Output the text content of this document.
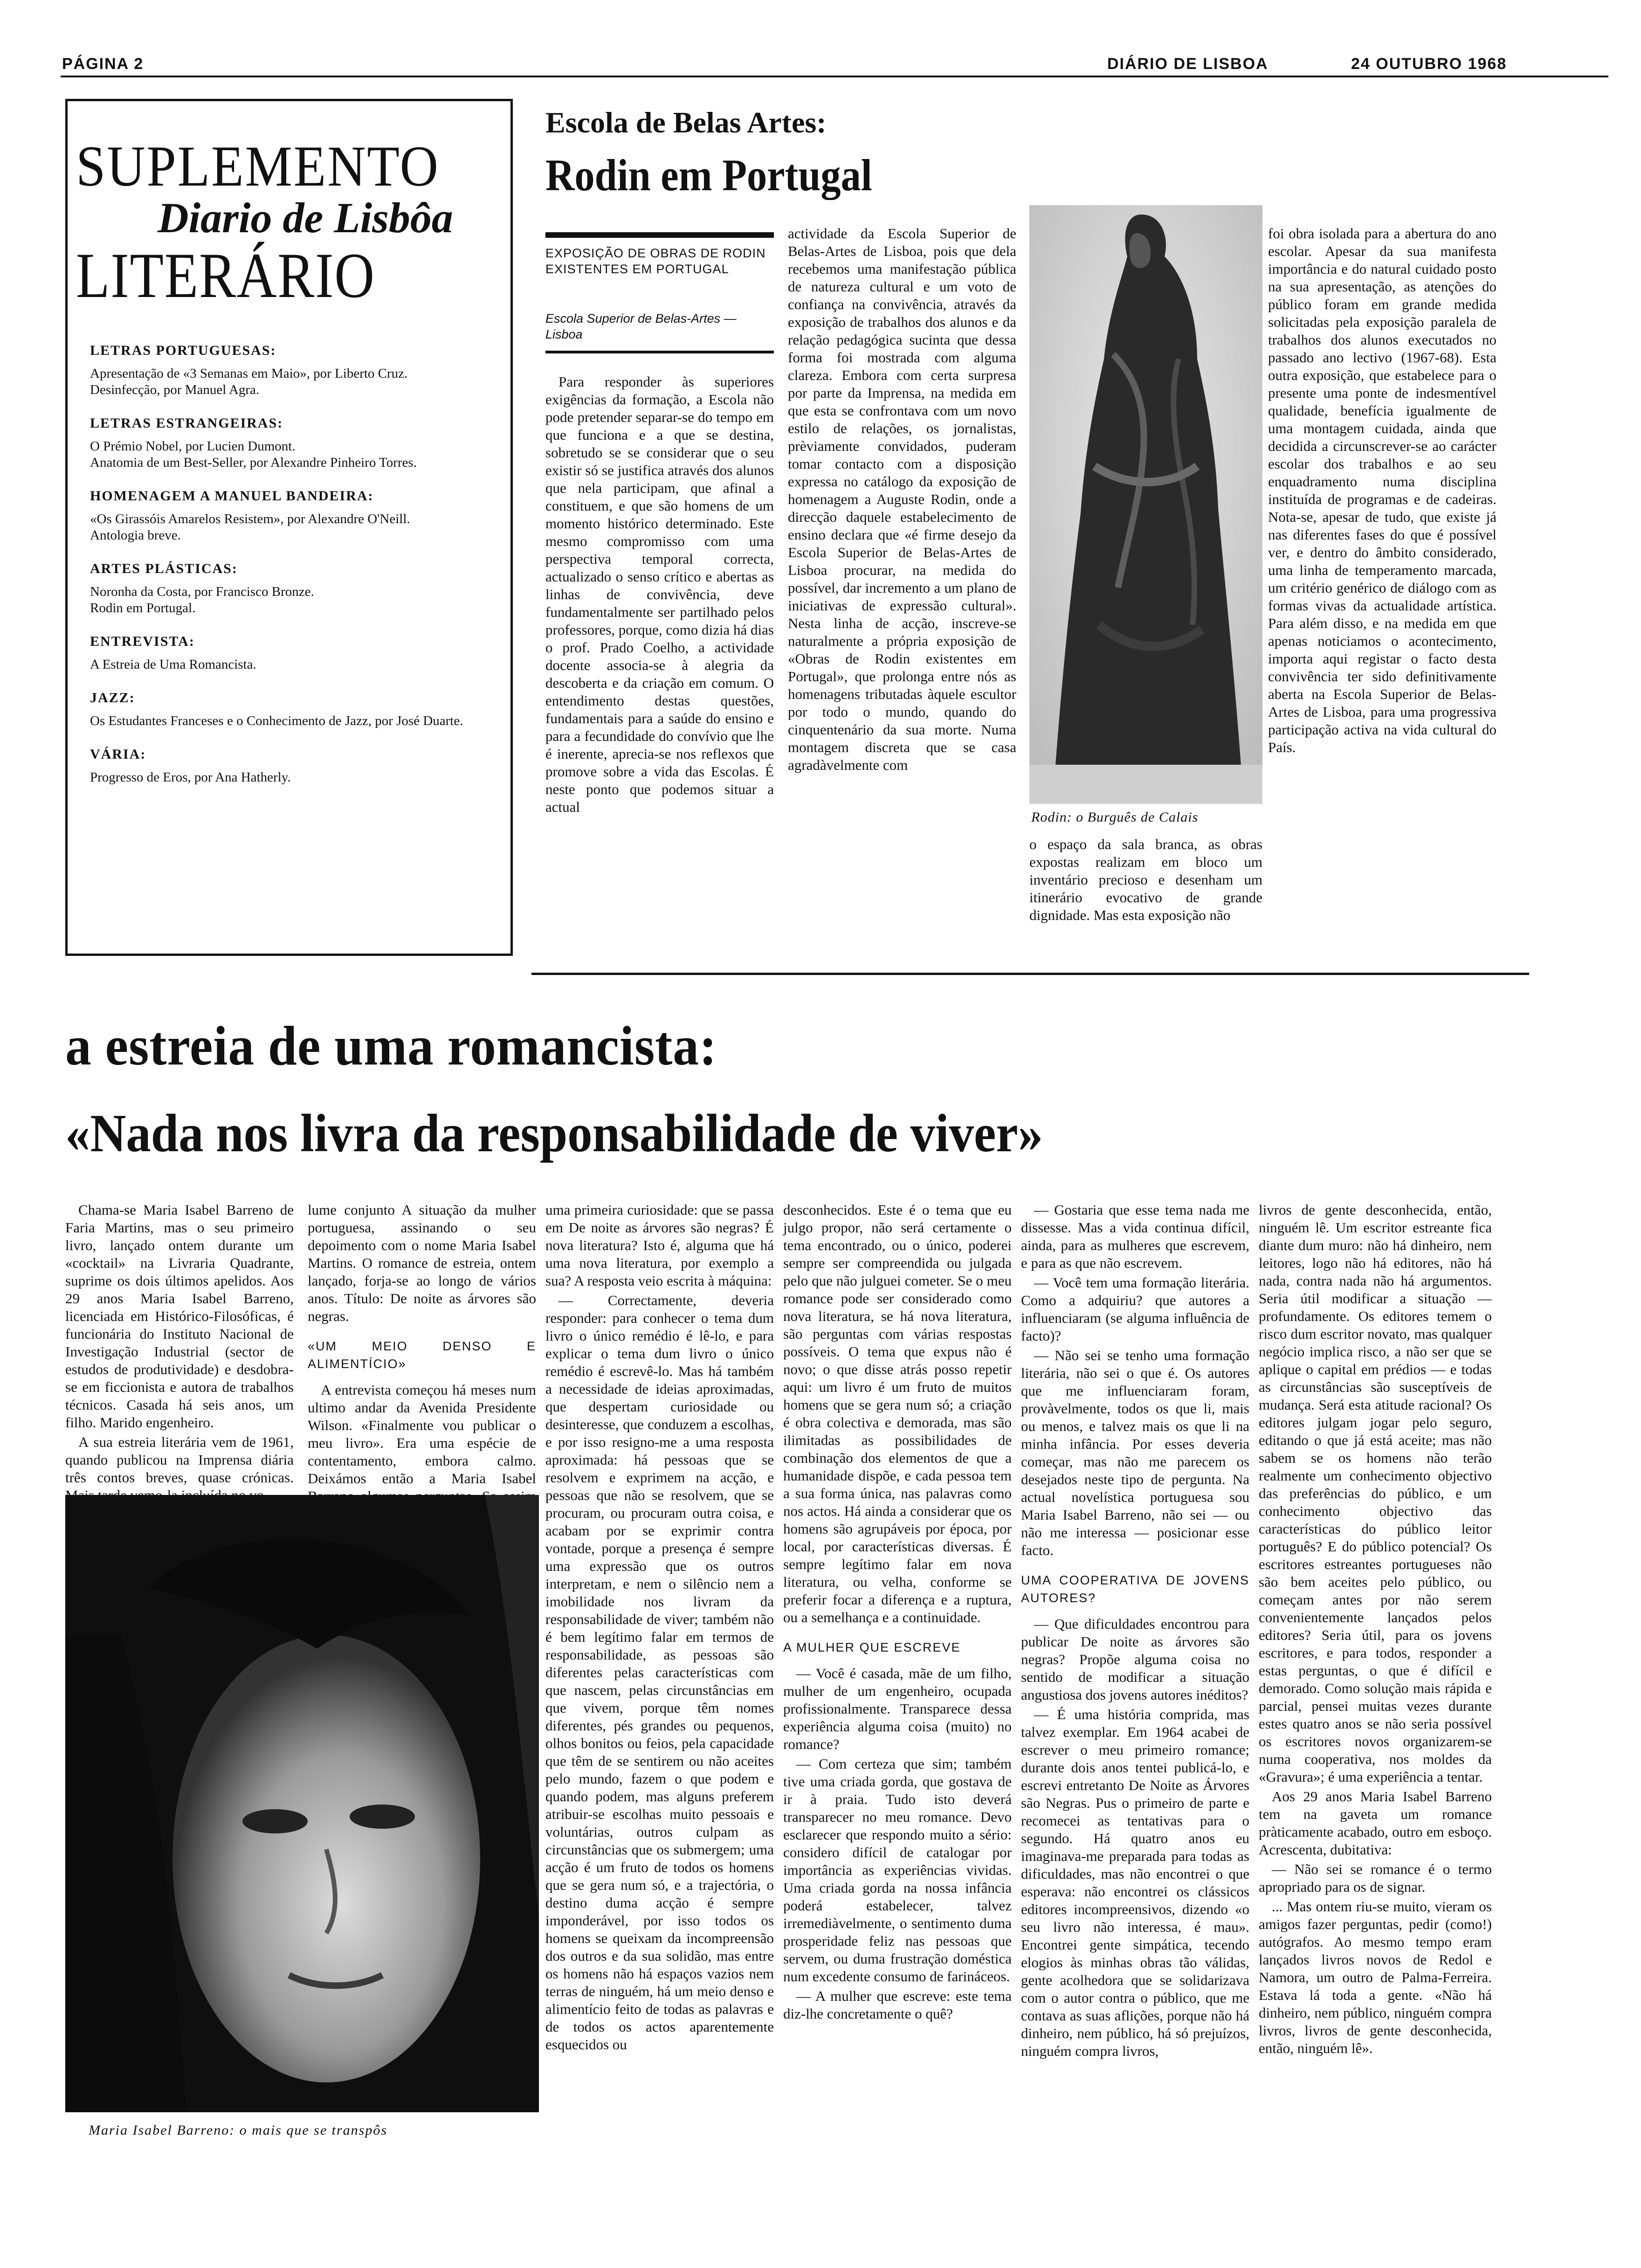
PÁGINA 2	DIÁRIO DE LISBOA	24 OUTUBRO 1968
SUPLEMENTO
Diario de Lisbôa
LITERÁRIO
LETRAS PORTUGUESAS:
Apresentação de «3 Semanas em Maio», por Liberto Cruz.
Desinfecção, por Manuel Agra.
LETRAS ESTRANGEIRAS:
O Prémio Nobel, por Lucien Dumont.
Anatomia de um Best-Seller, por Alexandre Pinheiro Torres.
HOMENAGEM A MANUEL BANDEIRA:
«Os Girassóis Amarelos Resistem», por Alexandre O'Neill.
Antologia breve.
ARTES PLÁSTICAS:
Noronha da Costa, por Francisco Bronze.
Rodin em Portugal.
ENTREVISTA:
A Estreia de Uma Romancista.
JAZZ:
Os Estudantes Franceses e o Conhecimento de Jazz, por José Duarte.
VÁRIA:
Progresso de Eros, por Ana Hatherly.
Escola de Belas Artes:
Rodin em Portugal
EXPOSIÇÃO DE OBRAS DE RODIN EXISTENTES EM PORTUGAL
Escola Superior de Belas-Artes — Lisboa

Para responder às superiores exigências da formação, a Escola não pode pretender separar-se do tempo em que funciona e a que se destina, sobretudo se se considerar que o seu existir só se justifica através dos alunos que nela participam, que afinal a constituem, e que são homens de um momento histórico determinado. Este mesmo compromisso com uma perspectiva temporal correcta, actualizado o senso crítico e abertas as linhas de convivência, deve fundamentalmente ser partilhado pelos professores, porque, como dizia há dias o prof. Prado Coelho, a actividade docente associa-se à alegria da descoberta e da criação em comum. O entendimento destas questões, fundamentais para a saúde do ensino e para a fecundidade do convívio que lhe é inerente, aprecia-se nos reflexos que promove sobre a vida das Escolas. É neste ponto que podemos situar a actual

actividade da Escola Superior de Belas-Artes de Lisboa, pois que dela recebemos uma manifestação pública de natureza cultural e um voto de confiança na convivência, através da exposição de trabalhos dos alunos e da relação pedagógica sucinta que dessa forma foi mostrada com alguma clareza. Embora com certa surpresa por parte da Imprensa, na medida em que esta se confrontava com um novo estilo de relações, os jornalistas, prèviamente convidados, puderam tomar contacto com a disposição expressa no catálogo da exposição de homenagem a Auguste Rodin, onde a direcção daquele estabelecimento de ensino declara que «é firme desejo da Escola Superior de Belas-Artes de Lisboa procurar, na medida do possível, dar incremento a um plano de iniciativas de expressão cultural». Nesta linha de acção, inscreve-se naturalmente a própria exposição de «Obras de Rodin existentes em Portugal», que prolonga entre nós as homenagens tributadas àquele escultor por todo o mundo, quando do cinquentenário da sua morte. Numa montagem discreta que se casa agradàvelmente com

Rodin: o Burguês de Calais

o espaço da sala branca, as obras expostas realizam em bloco um inventário precioso e desenham um itinerário evocativo de grande dignidade. Mas esta exposição não

foi obra isolada para a abertura do ano escolar. Apesar da sua manifesta importância e do natural cuidado posto na sua apresentação, as atenções do público foram em grande medida solicitadas pela exposição paralela de trabalhos dos alunos executados no passado ano lectivo (1967-68). Esta outra exposição, que estabelece para o presente uma ponte de indesmentível qualidade, benefícia igualmente de uma montagem cuidada, ainda que decidida a circunscrever-se ao carácter escolar dos trabalhos e ao seu enquadramento numa disciplina instituída de programas e de cadeiras. Nota-se, apesar de tudo, que existe já nas diferentes fases do que é possível ver, e dentro do âmbito considerado, uma linha de temperamento marcada, um critério genérico de diálogo com as formas vivas da actualidade artística. Para além disso, e na medida em que apenas noticiamos o acontecimento, importa aqui registar o facto desta convivência ter sido definitivamente aberta na Escola Superior de Belas-Artes de Lisboa, para uma progressiva participação activa na vida cultural do País.

a estreia de uma romancista:
«Nada nos livra da responsabilidade de viver»

Chama-se Maria Isabel Barreno de Faria Martins, mas o seu primeiro livro, lançado ontem durante um «cocktail» na Livraria Quadrante, suprime os dois últimos apelidos. Aos 29 anos Maria Isabel Barreno, licenciada em Histórico-Filosóficas, é funcionária do Instituto Nacional de Investigação Industrial (sector de estudos de produtividade) e desdobra-se em ficcionista e autora de trabalhos técnicos. Casada há seis anos, um filho. Marido engenheiro.

A sua estreia literária vem de 1961, quando publicou na Imprensa diária três contos breves, quase crónicas.

lume conjunto A situação da mulher portuguesa, assinando o seu depoimento com o nome Maria Isabel Martins. O romance de estreia, ontem lançado, forja-se ao longo de vários anos. Título: De noite as árvores são negras.

«UM MEIO DENSO E ALIMENTÍCIO»

A entrevista começou há meses num ultimo andar da Avenida Presidente Wilson. «Finalmente vou publicar o meu livro». Era uma espécie de contentamento, embora calmo. Deixámos então a Maria Isabel

Maria Isabel Barreno: o mais que se transpôs

uma primeira curiosidade: que se passa em De noite as árvores são negras? É nova literatura? Isto é, alguma que há uma nova literatura, por exemplo a sua? A resposta veio escrita à máquina:

— Correctamente, deveria responder: para conhecer o tema dum livro o único remédio é lê-lo, e para explicar o tema dum livro o único remédio é escrevê-lo. Mas há também a necessidade de ideias aproximadas, que despertam curiosidade ou desinteresse, que conduzem a escolhas, e por isso resigno-me a uma resposta aproximada: há pessoas que se resolvem e exprimem na acção, e pessoas que não se resolvem, que se procuram, ou procuram outra coisa, e acabam por se exprimir contra vontade, porque a presença é sempre uma expressão que os outros interpretam, e nem o silêncio nem a imobilidade nos livram da responsabilidade de viver; também não é bem legítimo falar em termos de responsabilidade, as pessoas são diferentes pelas características com que nascem, pelas circunstâncias em que vivem, porque têm nomes diferentes, pés grandes ou pequenos, olhos bonitos ou feios, pela capacidade que têm de se sentirem ou não aceites pelo mundo, fazem o que podem e quando podem, mas alguns preferem atribuir-se escolhas muito pessoais e voluntárias, outros culpam as circunstâncias que os submergem; uma acção é um fruto de todos os homens que se gera num só, e a trajectória, o destino duma acção é sempre imponderável, por isso todos os homens se queixam da incompreensão dos outros e da sua solidão, mas entre os homens não há espaços vazios nem terras de ninguém, há um meio denso e alimentício feito de todas as palavras e de todos os actos aparentemente esquecidos ou

desconhecidos. Este é o tema que eu julgo propor, não será certamente o tema encontrado, ou o único, poderei sempre ser compreendida ou julgada pelo que não julguei cometer. Se o meu romance pode ser considerado como nova literatura, se há nova literatura, são perguntas com várias respostas possíveis. O tema que expus não é novo; o que disse atrás posso repetir aqui: um livro é um fruto de muitos homens que se gera num só; a criação é obra colectiva e demorada, mas são ilimitadas as possibilidades de combinação dos elementos de que a humanidade dispõe, e cada pessoa tem a sua forma única, nas palavras como nos actos. Há ainda a considerar que os homens são agrupáveis por época, por local, por características diversas. É sempre legítimo falar em nova literatura, ou velha, conforme se preferir focar a diferença e a ruptura, ou a semelhança e a continuidade.

A MULHER QUE ESCREVE

— Você é casada, mãe de um filho, mulher de um engenheiro, ocupada profissionalmente. Transparece dessa experiência alguma coisa (muito) no romance?

— Com certeza que sim; também tive uma criada gorda, que gostava de ir à praia. Tudo isto deverá transparecer no meu romance. Devo esclarecer que respondo muito a sério: considero difícil de catalogar por importância as experiências vividas. Uma criada gorda na nossa infância poderá estabelecer, talvez irremediàvelmente, o sentimento duma prosperidade feliz nas pessoas que servem, ou duma frustração doméstica num excedente consumo de farináceos.

— A mulher que escreve: este tema diz-lhe concretamente o quê?

— Gostaria que esse tema nada me dissesse. Mas a vida continua difícil, ainda, para as mulheres que escrevem, e para as que não escrevem.

— Você tem uma formação literária. Como a adquiriu? que autores a influenciaram (se alguma influência de facto)?

— Não sei se tenho uma formação literária, não sei o que é. Os autores que me influenciaram foram, provàvelmente, todos os que li, mais ou menos, e talvez mais os que li na minha infância. Por esses deveria começar, mas não me parecem os desejados neste tipo de pergunta. Na actual novelística portuguesa sou Maria Isabel Barreno, não sei — ou não me interessa — posicionar esse facto.

UMA COOPERATIVA DE JOVENS AUTORES?

— Que dificuldades encontrou para publicar De noite as árvores são negras? Propõe alguma coisa no sentido de modificar a situação angustiosa dos jovens autores inéditos?

— É uma história comprida, mas talvez exemplar. Em 1964 acabei de escrever o meu primeiro romance; durante dois anos tentei publicá-lo, e escrevi entretanto De Noite as Árvores são Negras. Pus o primeiro de parte e recomecei as tentativas para o segundo. Há quatro anos eu imaginava-me preparada para todas as dificuldades, mas não encontrei o que esperava: não encontrei os clássicos editores incompreensivos, dizendo «o seu livro não interessa, é mau». Encontrei gente simpática, tecendo elogios às minhas obras tão válidas, gente acolhedora que se solidarizava com o autor contra o público, que me contava as suas aflições, porque não há dinheiro, nem público, há só prejuízos, ninguém compra livros,

livros de gente desconhecida, então, ninguém lê. Um escritor estreante fica diante dum muro: não há dinheiro, nem leitores, logo não há editores, não há nada, contra nada não há argumentos. Seria útil modificar a situação — profundamente. Os editores temem o risco dum escritor novato, mas qualquer negócio implica risco, a não ser que se aplique o capital em prédios — e todas as circunstâncias são susceptíveis de mudança. Será esta atitude racional? Os editores julgam jogar pelo seguro, editando o que já está aceite; mas não sabem se os homens não terão realmente um conhecimento objectivo das preferências do público, e um conhecimento objectivo das características do público leitor português? E do público potencial? Os escritores estreantes portugueses não são bem aceites pelo público, ou começam antes por não serem convenientemente lançados pelos editores? Seria útil, para os jovens escritores, e para todos, responder a estas perguntas, o que é difícil e demorado. Como solução mais rápida e parcial, pensei muitas vezes durante estes quatro anos se não seria possível os escritores novos organizarem-se numa cooperativa, nos moldes da «Gravura»; é uma experiência a tentar.

Aos 29 anos Maria Isabel Barreno tem na gaveta um romance pràticamente acabado, outro em esboço. Acrescenta, dubitativa:

— Não sei se romance é o termo apropriado para os de signar.

... Mas ontem riu-se muito, vieram os amigos fazer perguntas, pedir (como!) autógrafos. Ao mesmo tempo eram lançados livros novos de Redol e Namora, um outro de Palma-Ferreira. Estava lá toda a gente. «Não há dinheiro, nem público, ninguém compra livros, livros de gente desconhecida, então, ninguém lê».
